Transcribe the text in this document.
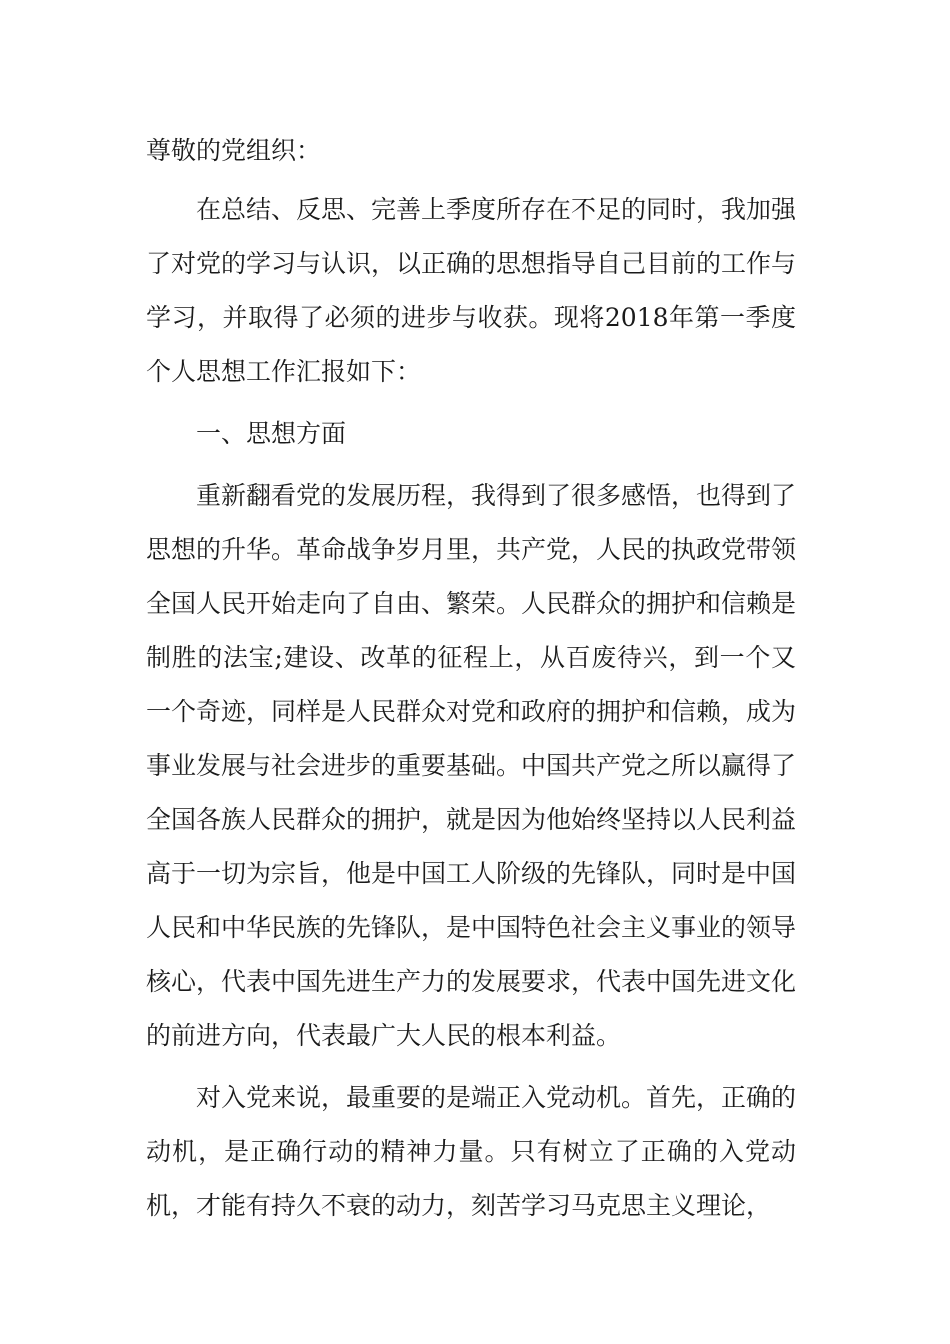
尊敬的党组织：

在总结、反思、完善上季度所存在不足的同时，我加强了对党的学习与认识，以正确的思想指导自己目前的工作与学习，并取得了必须的进步与收获。现将2018年第一季度个人思想工作汇报如下：

一、思想方面

重新翻看党的发展历程，我得到了很多感悟，也得到了思想的升华。革命战争岁月里，共产党，人民的执政党带领全国人民开始走向了自由、繁荣。人民群众的拥护和信赖是制胜的法宝;建设、改革的征程上，从百废待兴，到一个又一个奇迹，同样是人民群众对党和政府的拥护和信赖，成为事业发展与社会进步的重要基础。中国共产党之所以赢得了全国各族人民群众的拥护，就是因为他始终坚持以人民利益高于一切为宗旨，他是中国工人阶级的先锋队，同时是中国人民和中华民族的先锋队，是中国特色社会主义事业的领导核心，代表中国先进生产力的发展要求，代表中国先进文化的前进方向，代表最广大人民的根本利益。

对入党来说，最重要的是端正入党动机。首先，正确的动机，是正确行动的精神力量。只有树立了正确的入党动机，才能有持久不衰的动力，刻苦学习马克思主义理论，
